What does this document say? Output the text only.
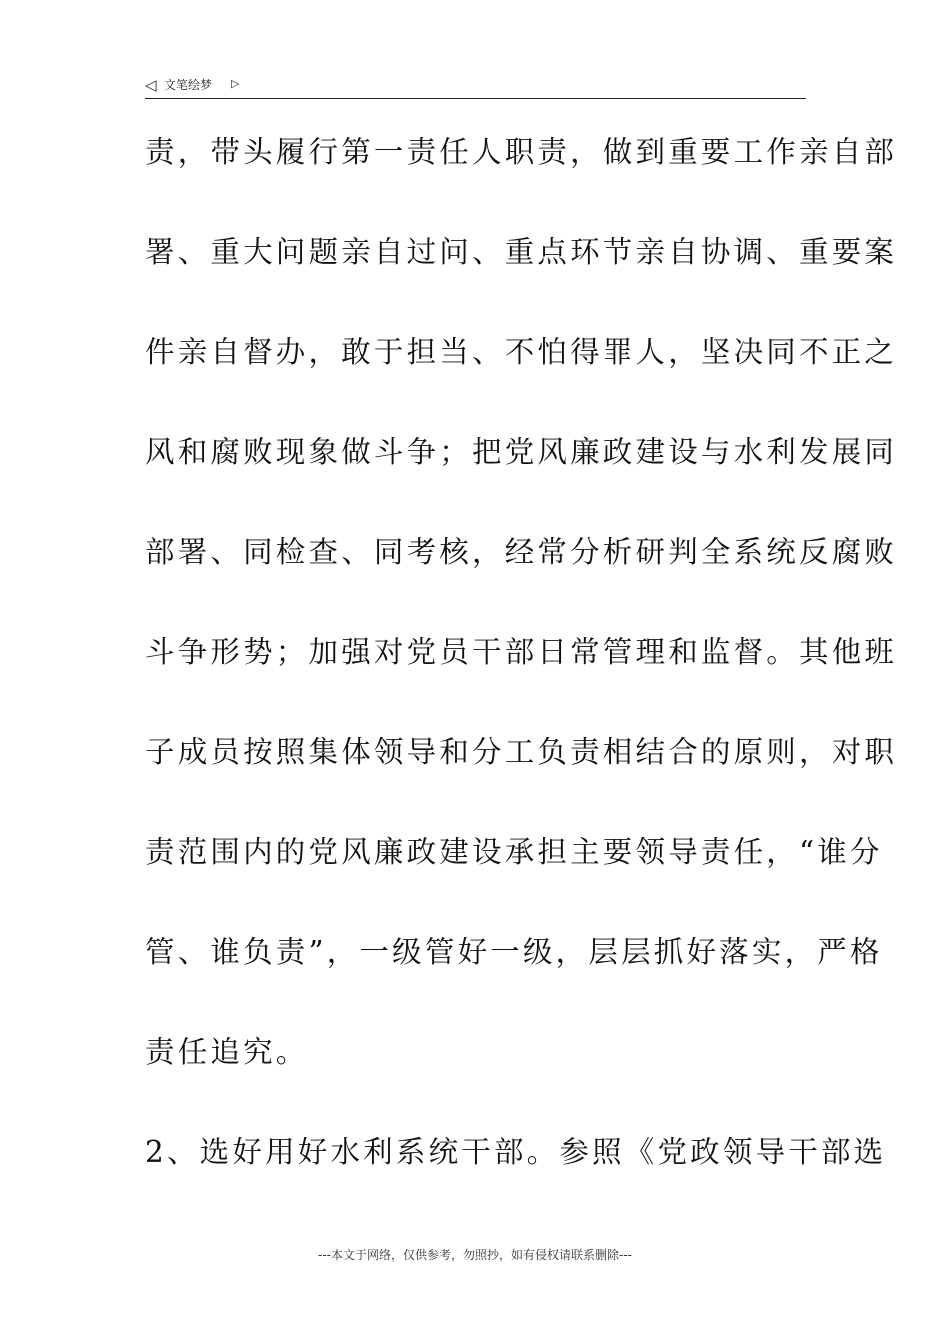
◁ 文笔绘梦 ▷
责，带头履行第一责任人职责，做到重要工作亲自部
署、重大问题亲自过问、重点环节亲自协调、重要案
件亲自督办，敢于担当、不怕得罪人，坚决同不正之
风和腐败现象做斗争；把党风廉政建设与水利发展同
部署、同检查、同考核，经常分析研判全系统反腐败
斗争形势；加强对党员干部日常管理和监督。其他班
子成员按照集体领导和分工负责相结合的原则，对职
责范围内的党风廉政建设承担主要领导责任，“谁分
管、谁负责”，一级管好一级，层层抓好落实，严格
责任追究。
2、选好用好水利系统干部。参照《党政领导干部选
---本文于网络，仅供参考，勿照抄，如有侵权请联系删除---
